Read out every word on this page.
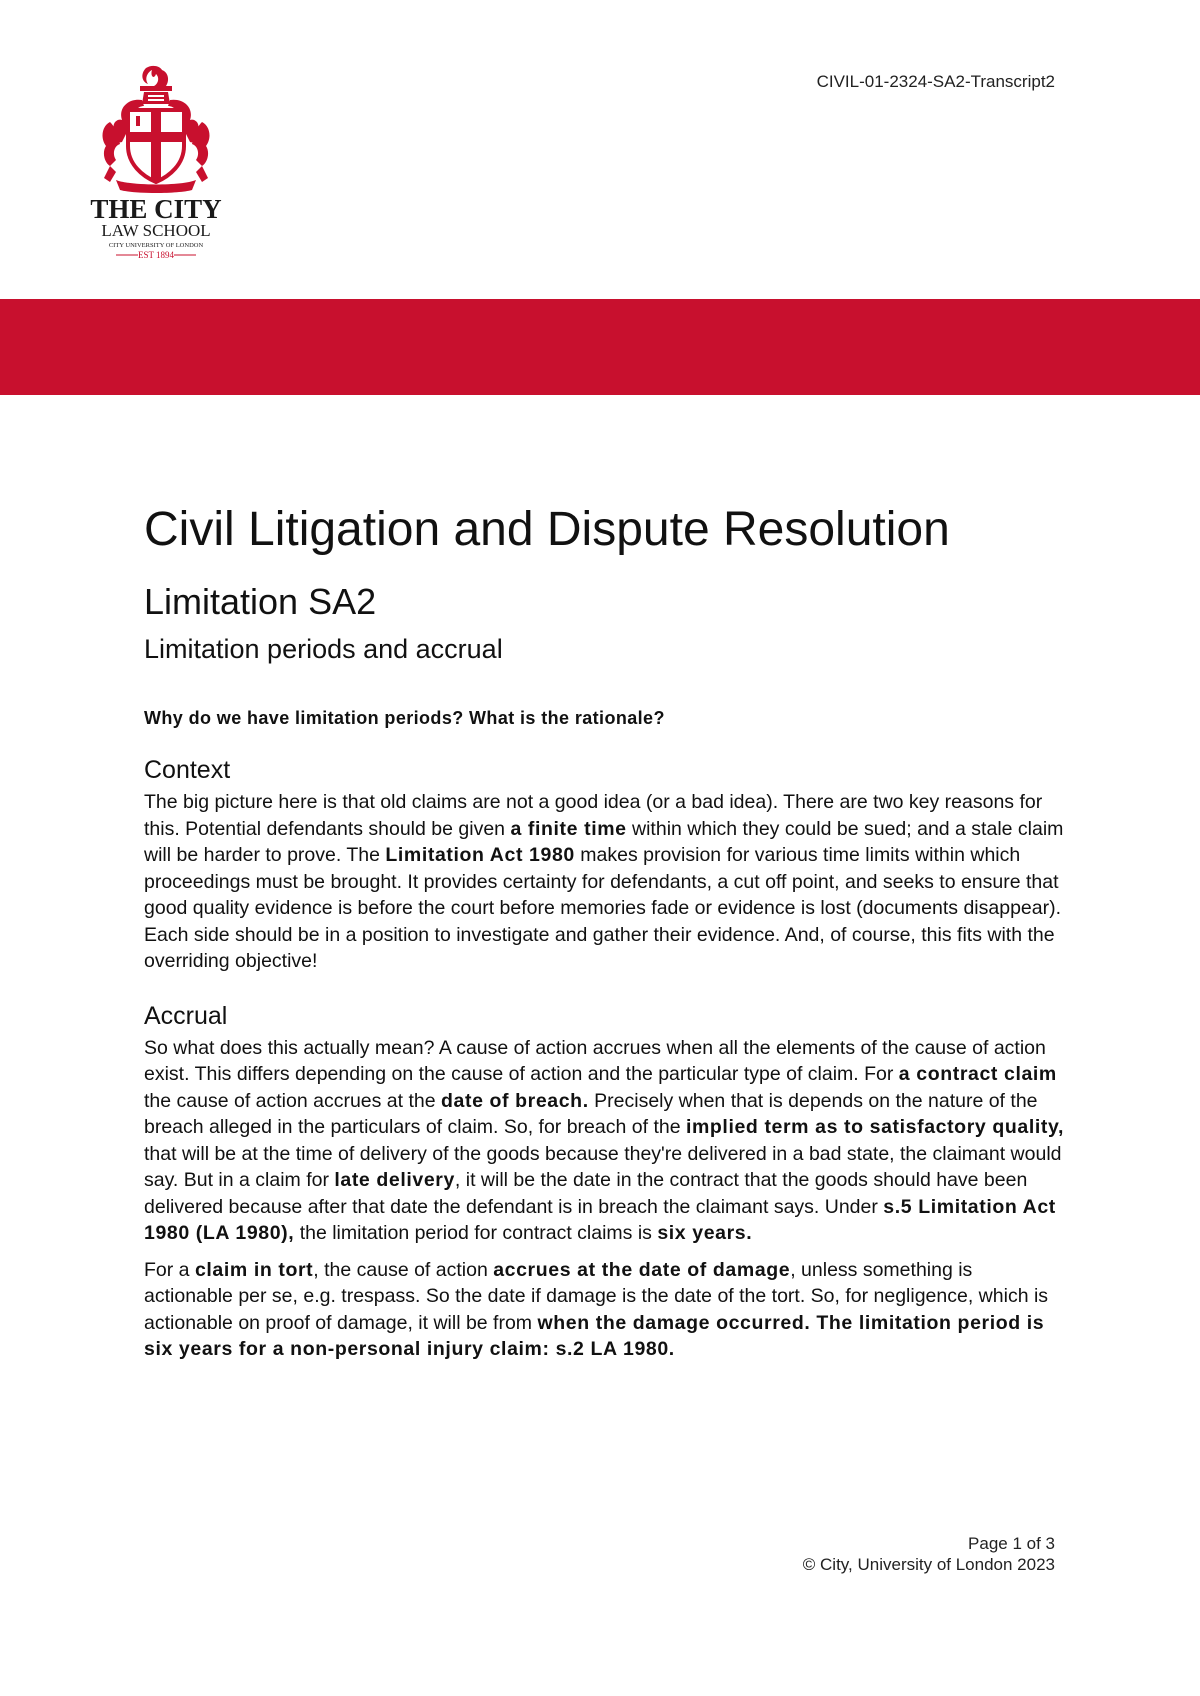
THE CITY
LAW SCHOOL
CITY UNIVERSITY OF LONDON
EST 1894
CIVIL-01-2324-SA2-Transcript2
Civil Litigation and Dispute Resolution
Limitation SA2
Limitation periods and accrual

Why do we have limitation periods? What is the rationale?

Context

The big picture here is that old claims are not a good idea (or a bad idea). There are two key reasons for this. Potential defendants should be given a finite time within which they could be sued; and a stale claim will be harder to prove. The Limitation Act 1980 makes provision for various time limits within which proceedings must be brought. It provides certainty for defendants, a cut off point, and seeks to ensure that good quality evidence is before the court before memories fade or evidence is lost (documents disappear). Each side should be in a position to investigate and gather their evidence. And, of course, this fits with the overriding objective!

Accrual

So what does this actually mean? A cause of action accrues when all the elements of the cause of action exist. This differs depending on the cause of action and the particular type of claim. For a contract claim the cause of action accrues at the date of breach. Precisely when that is depends on the nature of the breach alleged in the particulars of claim. So, for breach of the implied term as to satisfactory quality, that will be at the time of delivery of the goods because they're delivered in a bad state, the claimant would say. But in a claim for late delivery, it will be the date in the contract that the goods should have been delivered because after that date the defendant is in breach the claimant says. Under s.5 Limitation Act 1980 (LA 1980), the limitation period for contract claims is six years.

For a claim in tort, the cause of action accrues at the date of damage, unless something is actionable per se, e.g. trespass. So the date if damage is the date of the tort. So, for negligence, which is actionable on proof of damage, it will be from when the damage occurred. The limitation period is six years for a non-personal injury claim: s.2 LA 1980.

Page 1 of 3
© City, University of London 2023
